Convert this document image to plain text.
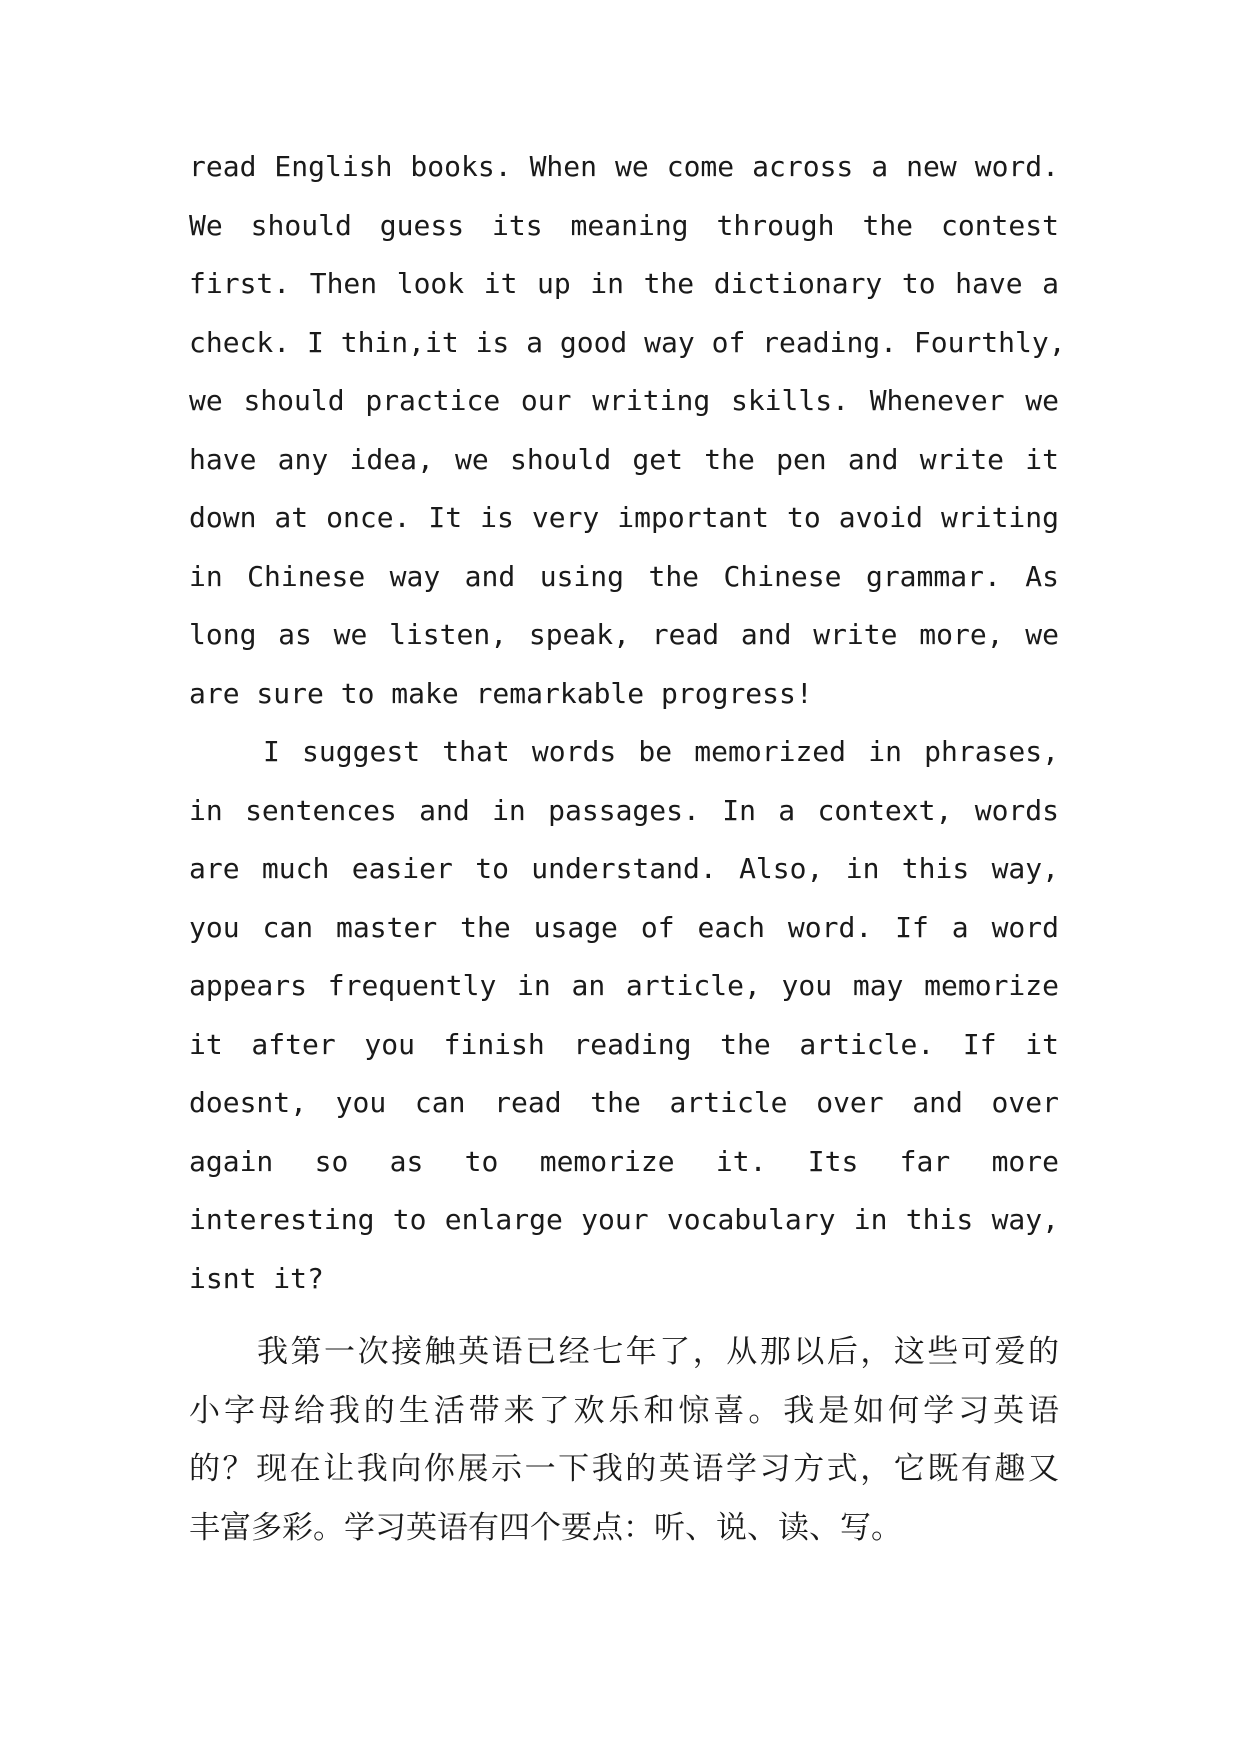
read English books. When we come across a new word.
We should guess its meaning through the contest
first. Then look it up in the dictionary to have a
check. I thin,it is a good way of reading. Fourthly,
we should practice our writing skills. Whenever we
have any idea, we should get the pen and write it
down at once. It is very important to avoid writing
in Chinese way and using the Chinese grammar. As
long as we listen, speak, read and write more, we
are sure to make remarkable progress!
I suggest that words be memorized in phrases,
in sentences and in passages. In a context, words
are much easier to understand. Also, in this way,
you can master the usage of each word. If a word
appears frequently in an article, you may memorize
it after you finish reading the article. If it
doesnt, you can read the article over and over
again so as to memorize it. Its far more
interesting to enlarge your vocabulary in this way,
isnt it?
我第一次接触英语已经七年了，从那以后，这些可爱的
小字母给我的生活带来了欢乐和惊喜。我是如何学习英语
的？现在让我向你展示一下我的英语学习方式，它既有趣又
丰富多彩。学习英语有四个要点：听、说、读、写。
